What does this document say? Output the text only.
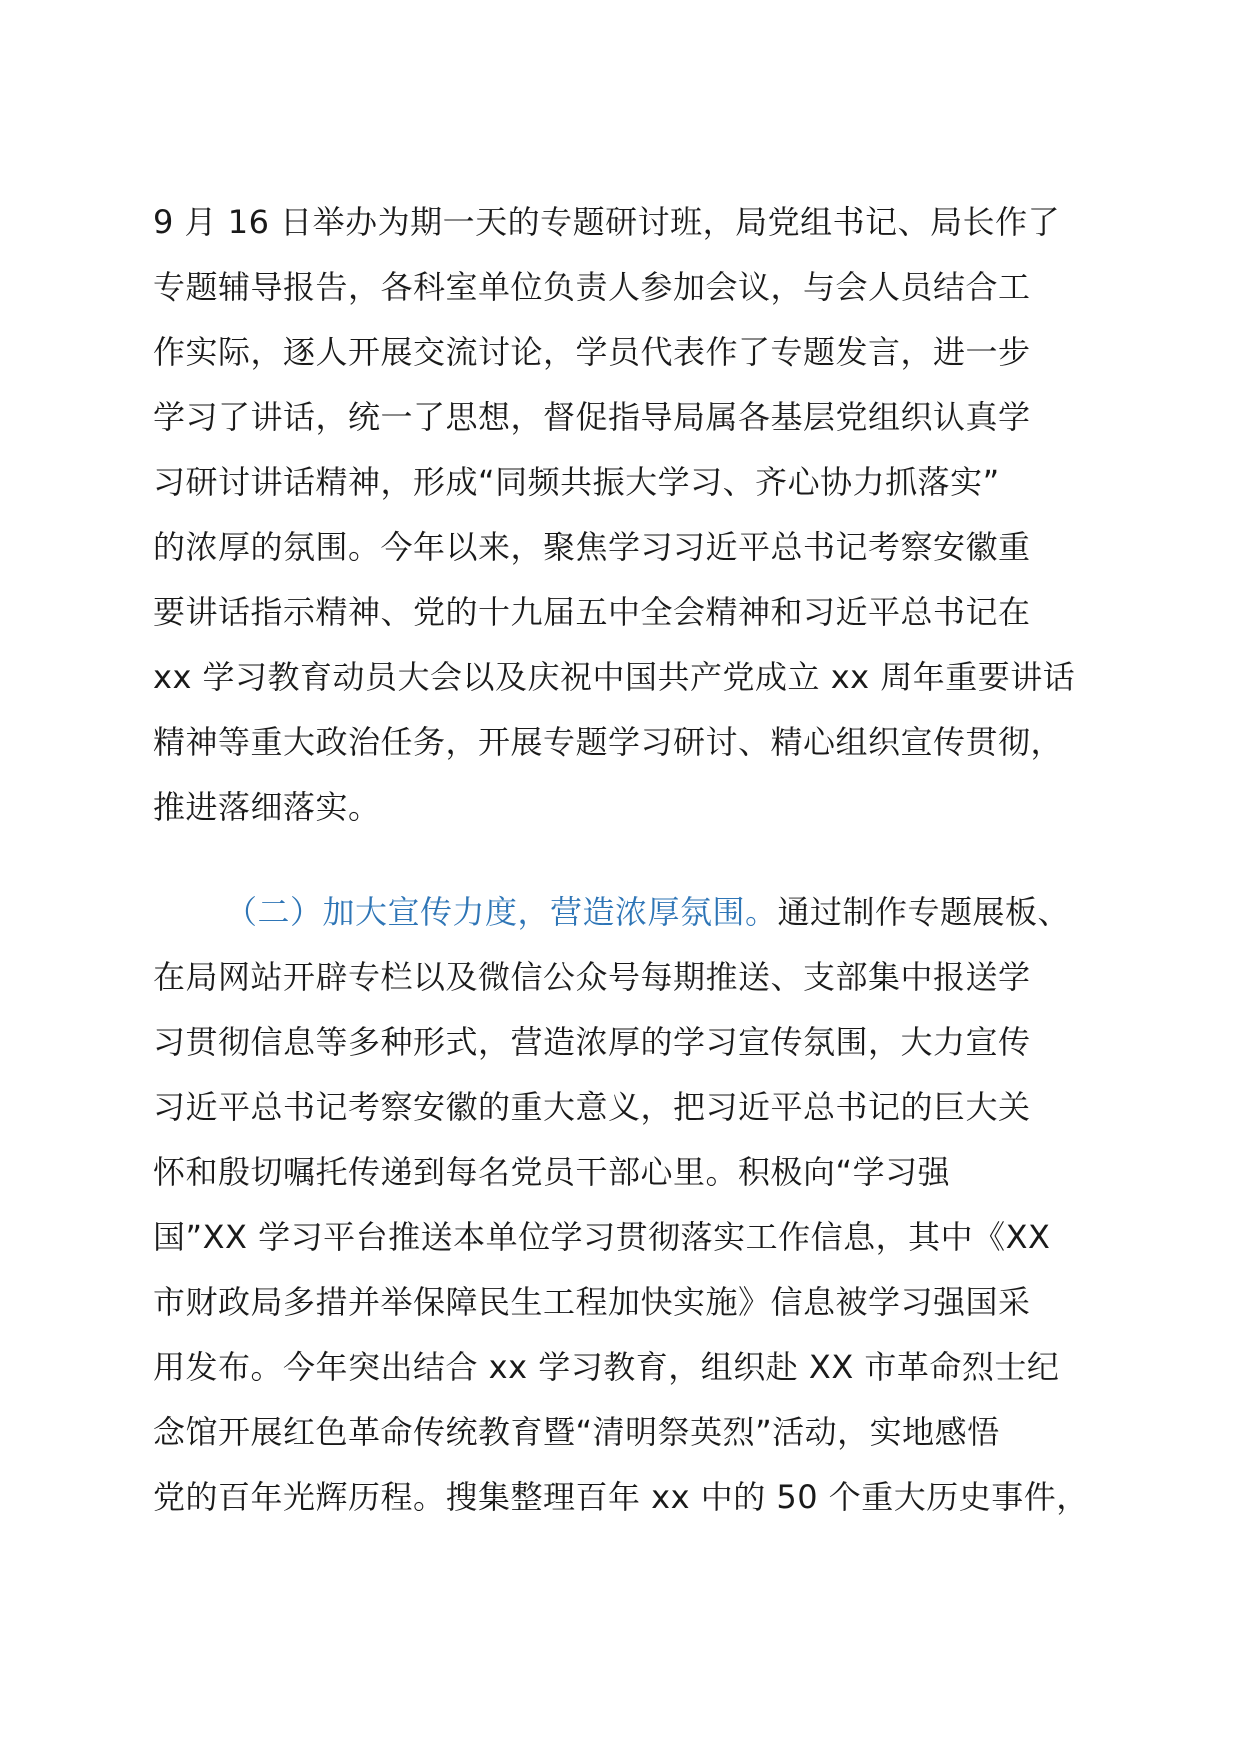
9 月 16 日举办为期一天的专题研讨班，局党组书记、局长作了
专题辅导报告，各科室单位负责人参加会议，与会人员结合工
作实际，逐人开展交流讨论，学员代表作了专题发言，进一步
学习了讲话，统一了思想，督促指导局属各基层党组织认真学
习研讨讲话精神，形成“同频共振大学习、齐心协力抓落实”
的浓厚的氛围。今年以来，聚焦学习习近平总书记考察安徽重
要讲话指示精神、党的十九届五中全会精神和习近平总书记在
xx 学习教育动员大会以及庆祝中国共产党成立 xx 周年重要讲话
精神等重大政治任务，开展专题学习研讨、精心组织宣传贯彻，
推进落细落实。
（二）加大宣传力度，营造浓厚氛围。通过制作专题展板、
在局网站开辟专栏以及微信公众号每期推送、支部集中报送学
习贯彻信息等多种形式，营造浓厚的学习宣传氛围，大力宣传
习近平总书记考察安徽的重大意义，把习近平总书记的巨大关
怀和殷切嘱托传递到每名党员干部心里。积极向“学习强
国”XX 学习平台推送本单位学习贯彻落实工作信息，其中《XX
市财政局多措并举保障民生工程加快实施》信息被学习强国采
用发布。今年突出结合 xx 学习教育，组织赴 XX 市革命烈士纪
念馆开展红色革命传统教育暨“清明祭英烈”活动，实地感悟
党的百年光辉历程。搜集整理百年 xx 中的 50 个重大历史事件，
